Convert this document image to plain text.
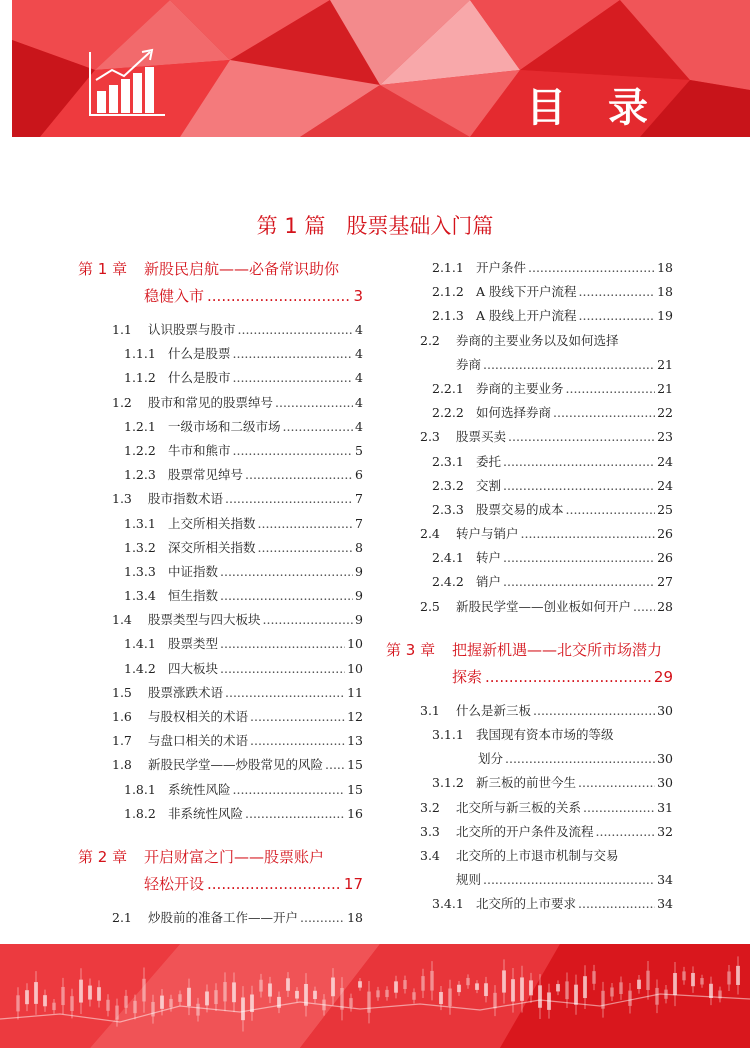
目 录
第 1 篇　股票基础入门篇
第 1 章	新股民启航——必备常识助你
稳健入市 .....	3
1.1	认识股票与股市 .....	4
1.1.1 什么是股票 .....	4
1.1.2 什么是股市 .....	4
1.2	股市和常见的股票绰号 .....	4
1.2.1 一级市场和二级市场 .....	4
1.2.2 牛市和熊市 .....	5
1.2.3 股票常见绰号 .....	6
1.3	股市指数术语 .....	7
1.3.1 上交所相关指数 .....	7
1.3.2 深交所相关指数 .....	8
1.3.3 中证指数 .....	9
1.3.4 恒生指数 .....	9
1.4	股票类型与四大板块 .....	9
1.4.1 股票类型 .....	10
1.4.2 四大板块 .....	10
1.5	股票涨跌术语 .....	11
1.6	与股权相关的术语 .....	12
1.7	与盘口相关的术语 .....	13
1.8	新股民学堂——炒股常见的风险 ..... 15
1.8.1 系统性风险 .....	15
1.8.2 非系统性风险 .....	16
第 2 章	开启财富之门——股票账户
轻松开设 .....	17
2.1	炒股前的准备工作——开户 .....	18
2.1.1 开户条件 .....	18
2.1.2 A 股线下开户流程 .....	18
2.1.3 A 股线上开户流程 .....	19
2.2	券商的主要业务以及如何选择
券商 .....	21
2.2.1 券商的主要业务 .....	21
2.2.2 如何选择券商 .....	22
2.3	股票买卖 .....	23
2.3.1 委托 .....	24
2.3.2 交割 .....	24
2.3.3 股票交易的成本 .....	25
2.4	转户与销户 .....	26
2.4.1 转户 .....	26
2.4.2 销户 .....	27
2.5	新股民学堂——创业板如何开户 ..... 28
第 3 章	把握新机遇——北交所市场潜力
探索 .....	29
3.1	什么是新三板 .....	30
3.1.1 我国现有资本市场的等级
划分 .....	30
3.1.2 新三板的前世今生 .....	30
3.2	北交所与新三板的关系 .....	31
3.3	北交所的开户条件及流程 .....	32
3.4	北交所的上市退市机制与交易
规则 .....	34
3.4.1 北交所的上市要求 .....	34
